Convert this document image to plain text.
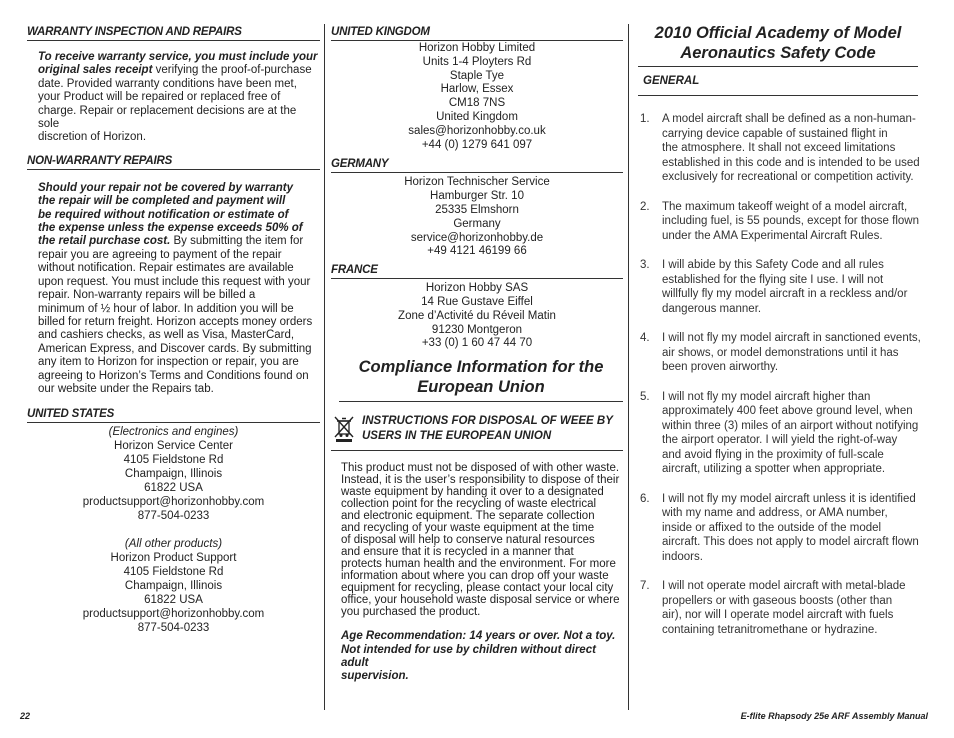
WARRANTY INSPECTION AND REPAIRS

To receive warranty service, you must include your

original sales receipt verifying the proof-of-purchase

date. Provided warranty conditions have been met,

your Product will be repaired or replaced free of

charge. Repair or replacement decisions are at the sole

discretion of Horizon.

NON-WARRANTY REPAIRS

Should your repair not be covered by warranty

the repair will be completed and payment will

be required without notification or estimate of

the expense unless the expense exceeds 50% of

the retail purchase cost. By submitting the item for

repair you are agreeing to payment of the repair

without notification. Repair estimates are available

upon request. You must include this request with your

repair. Non-warranty repairs will be billed a

minimum of ½ hour of labor. In addition you will be

billed for return freight. Horizon accepts money orders

and cashiers checks, as well as Visa, MasterCard,

American Express, and Discover cards. By submitting

any item to Horizon for inspection or repair, you are

agreeing to Horizon’s Terms and Conditions found on

our website under the Repairs tab.

UNITED STATES

(Electronics and engines)

Horizon Service Center

4105 Fieldstone Rd

Champaign, Illinois

61822 USA

productsupport@horizonhobby.com

877-504-0233

(All other products)

Horizon Product Support

4105 Fieldstone Rd

Champaign, Illinois

61822 USA

productsupport@horizonhobby.com

877-504-0233

UNITED KINGDOM

Horizon Hobby Limited

Units 1-4 Ployters Rd

Staple Tye

Harlow, Essex

CM18 7NS

United Kingdom

sales@horizonhobby.co.uk

+44 (0) 1279 641 097

GERMANY

Horizon Technischer Service

Hamburger Str. 10

25335 Elmshorn

Germany

service@horizonhobby.de

+49 4121 46199 66

FRANCE

Horizon Hobby SAS

14 Rue Gustave Eiffel

Zone d’Activité du Réveil Matin

91230 Montgeron

+33 (0) 1 60 47 44 70

Compliance Information for the
European Union

INSTRUCTIONS FOR DISPOSAL OF WEEE BY

USERS IN THE EUROPEAN UNION

This product must not be disposed of with other waste.

Instead, it is the user’s responsibility to dispose of their

waste equipment by handing it over to a designated

collection point for the recycling of waste electrical

and electronic equipment. The separate collection

and recycling of your waste equipment at the time

of disposal will help to conserve natural resources

and ensure that it is recycled in a manner that

protects human health and the environment. For more

information about where you can drop off your waste

equipment for recycling, please contact your local city

office, your household waste disposal service or where

you purchased the product.

Age Recommendation: 14 years or over. Not a toy.

Not intended for use by children without direct adult

supervision.

2010 Official Academy of Model
Aeronautics Safety Code
GENERAL
1. A model aircraft shall be defined as a non-human-
carrying device capable of sustained flight in
the atmosphere. It shall not exceed limitations
established in this code and is intended to be used
exclusively for recreational or competition activity.
2. The maximum takeoff weight of a model aircraft,
including fuel, is 55 pounds, except for those flown
under the AMA Experimental Aircraft Rules.
3. I will abide by this Safety Code and all rules
established for the flying site I use. I will not
willfully fly my model aircraft in a reckless and/or
dangerous manner.
4. I will not fly my model aircraft in sanctioned events,
air shows, or model demonstrations until it has
been proven airworthy.
5. I will not fly my model aircraft higher than
approximately 400 feet above ground level, when
within three (3) miles of an airport without notifying
the airport operator. I will yield the right-of-way
and avoid flying in the proximity of full-scale
aircraft, utilizing a spotter when appropriate.
6. I will not fly my model aircraft unless it is identified
with my name and address, or AMA number,
inside or affixed to the outside of the model
aircraft. This does not apply to model aircraft flown
indoors.
7. I will not operate model aircraft with metal-blade
propellers or with gaseous boosts (other than
air), nor will I operate model aircraft with fuels
containing tetranitromethane or hydrazine.
22	E-flite Rhapsody 25e ARF Assembly Manual
